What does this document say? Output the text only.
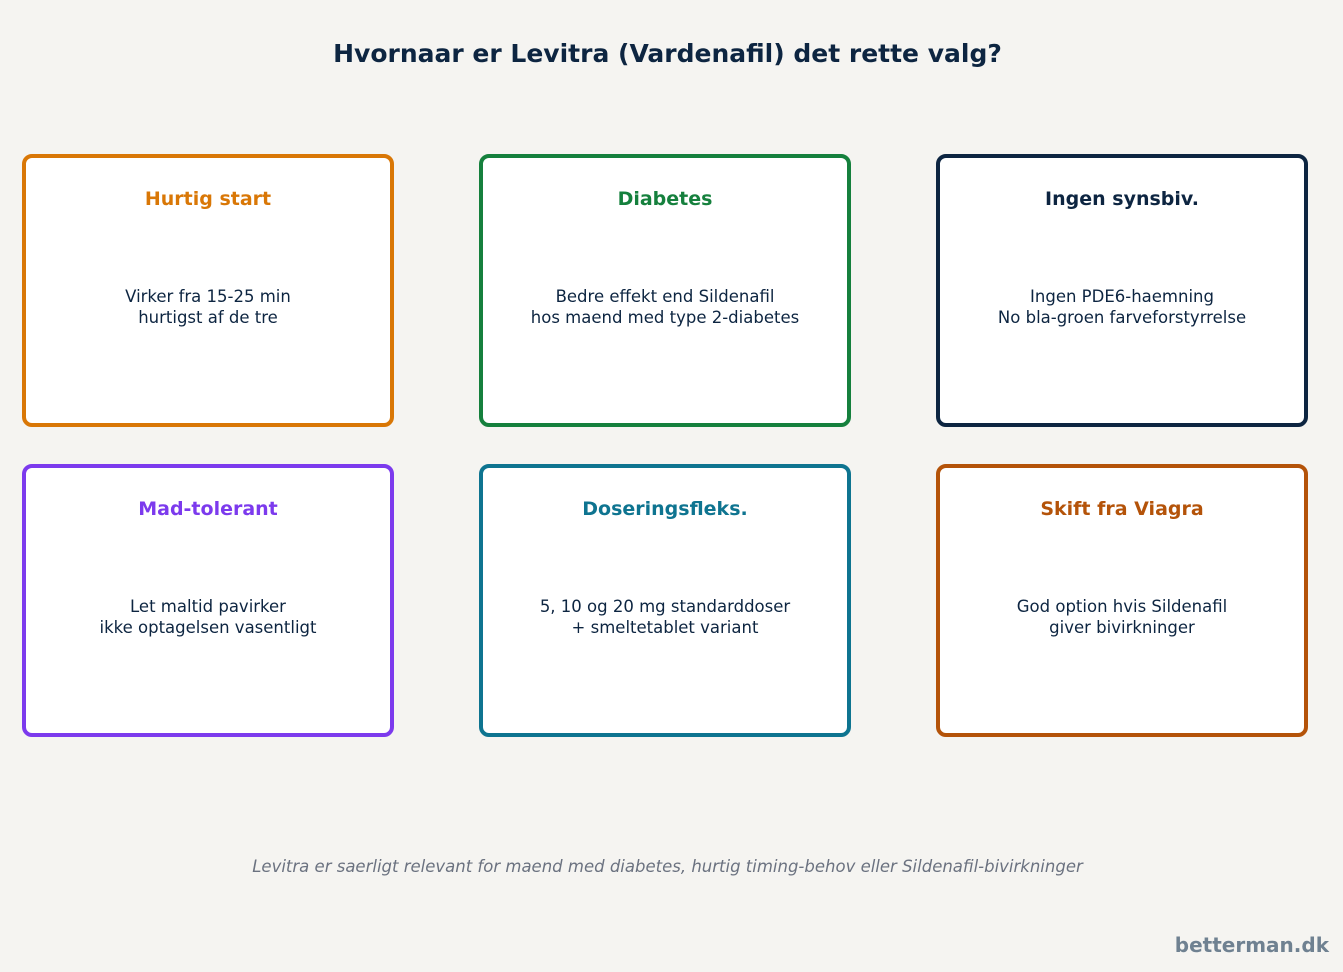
Hvornaar er Levitra (Vardenafil) det rette valg?
Hurtig start
Virker fra 15-25 min
hurtigst af de tre
Diabetes
Bedre effekt end Sildenafil
hos maend med type 2-diabetes
Ingen synsbiv.
Ingen PDE6-haemning
No bla-groen farveforstyrrelse
Mad-tolerant
Let maltid pavirker
ikke optagelsen vasentligt
Doseringsfleks.
5, 10 og 20 mg standarddoser
+ smeltetablet variant
Skift fra Viagra
God option hvis Sildenafil
giver bivirkninger
Levitra er saerligt relevant for maend med diabetes, hurtig timing-behov eller Sildenafil-bivirkninger
betterman.dk
